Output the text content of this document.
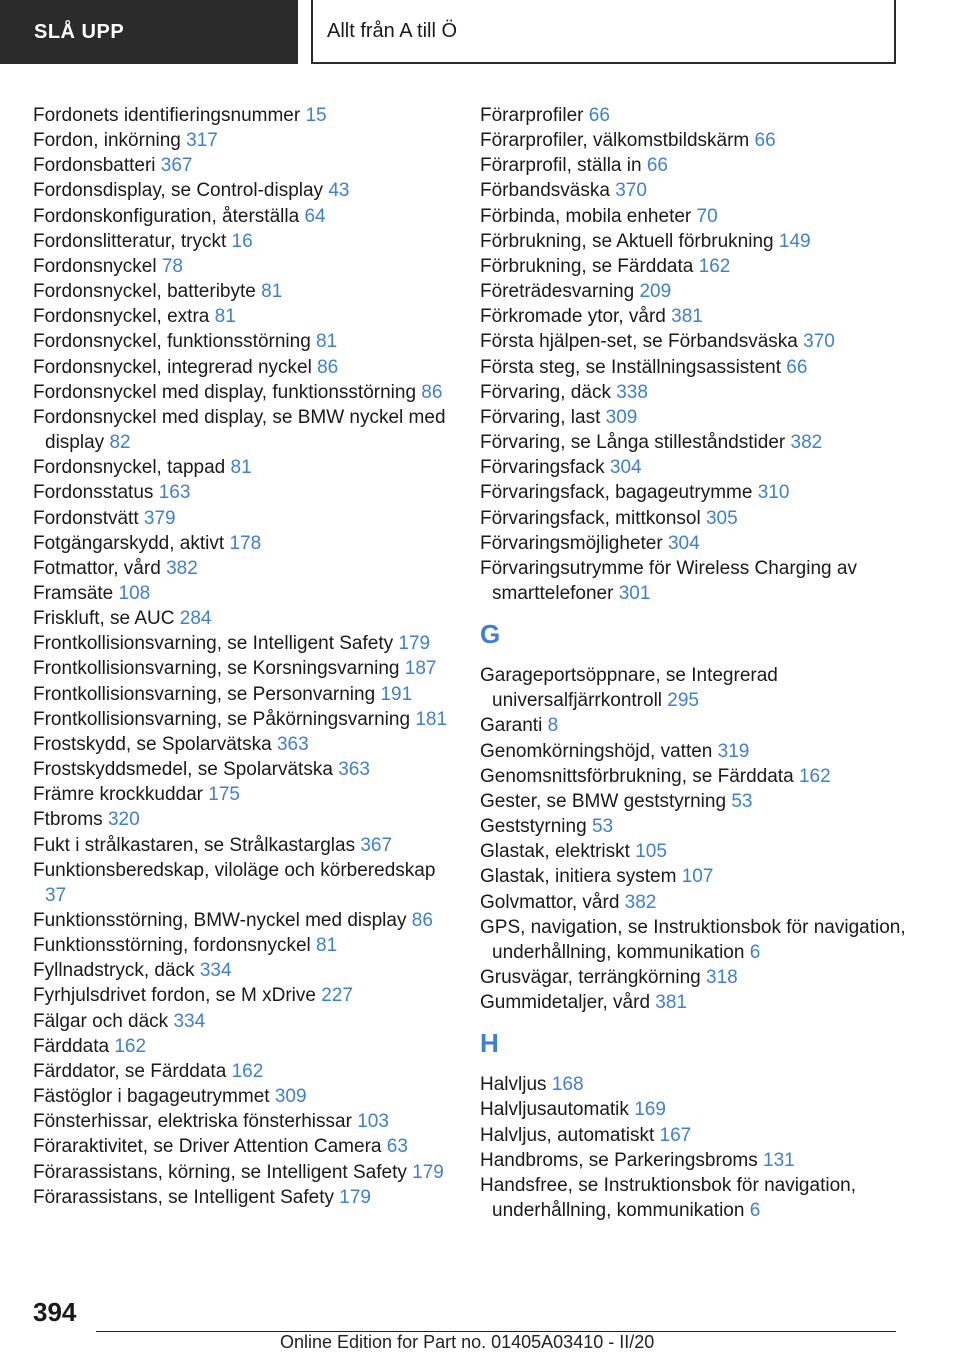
SLÅ UPP	Allt från A till Ö
Fordonets identifieringsnummer 15
Fordon, inkörning 317
Fordonsbatteri 367
Fordonsdisplay, se Control-display 43
Fordonskonfiguration, återställa 64
Fordonslitteratur, tryckt 16
Fordonsnyckel 78
Fordonsnyckel, batteribyte 81
Fordonsnyckel, extra 81
Fordonsnyckel, funktionsstörning 81
Fordonsnyckel, integrerad nyckel 86
Fordonsnyckel med display, funktionsstörning 86
Fordonsnyckel med display, se BMW nyckel med display 82
Fordonsnyckel, tappad 81
Fordonsstatus 163
Fordonstvätt 379
Fotgängarskydd, aktivt 178
Fotmattor, vård 382
Framsäte 108
Friskluft, se AUC 284
Frontkollisionsvarning, se Intelligent Safety 179
Frontkollisionsvarning, se Korsningsvarning 187
Frontkollisionsvarning, se Personvarning 191
Frontkollisionsvarning, se Påkörningsvarning 181
Frostskydd, se Spolarvätska 363
Frostskyddsmedel, se Spolarvätska 363
Främre krockkuddar 175
Ftbroms 320
Fukt i strålkastaren, se Strålkastarglas 367
Funktionsberedskap, viloläge och körberedskap 37
Funktionsstörning, BMW-nyckel med display 86
Funktionsstörning, fordonsnyckel 81
Fyllnadstryck, däck 334
Fyrhjulsdrivet fordon, se M xDrive 227
Fälgar och däck 334
Färddata 162
Färddator, se Färddata 162
Fästöglor i bagageutrymmet 309
Fönsterhissar, elektriska fönsterhissar 103
Föraraktivitet, se Driver Attention Camera 63
Förarassistans, körning, se Intelligent Safety 179
Förarassistans, se Intelligent Safety 179
Förarprofiler 66
Förarprofiler, välkomstbildskärm 66
Förarprofil, ställa in 66
Förbandsväska 370
Förbinda, mobila enheter 70
Förbrukning, se Aktuell förbrukning 149
Förbrukning, se Färddata 162
Företrädesvarning 209
Förkromade ytor, vård 381
Första hjälpen-set, se Förbandsväska 370
Första steg, se Inställningsassistent 66
Förvaring, däck 338
Förvaring, last 309
Förvaring, se Långa stilleståndstider 382
Förvaringsfack 304
Förvaringsfack, bagageutrymme 310
Förvaringsfack, mittkonsol 305
Förvaringsmöjligheter 304
Förvaringsutrymme för Wireless Charging av smarttelefoner 301
G
Garageportsöppnare, se Integrerad universalfjärrkontroll 295
Garanti 8
Genomkörningshöjd, vatten 319
Genomsnittsförbrukning, se Färddata 162
Gester, se BMW geststyrning 53
Geststyrning 53
Glastak, elektriskt 105
Glastak, initiera system 107
Golvmattor, vård 382
GPS, navigation, se Instruktionsbok för navigation, underhållning, kommunikation 6
Grusvägar, terrängkörning 318
Gummidetaljer, vård 381
H
Halvljus 168
Halvljusautomatik 169
Halvljus, automatiskt 167
Handbroms, se Parkeringsbroms 131
Handsfree, se Instruktionsbok för navigation, underhållning, kommunikation 6
394
Online Edition for Part no. 01405A03410 - II/20
